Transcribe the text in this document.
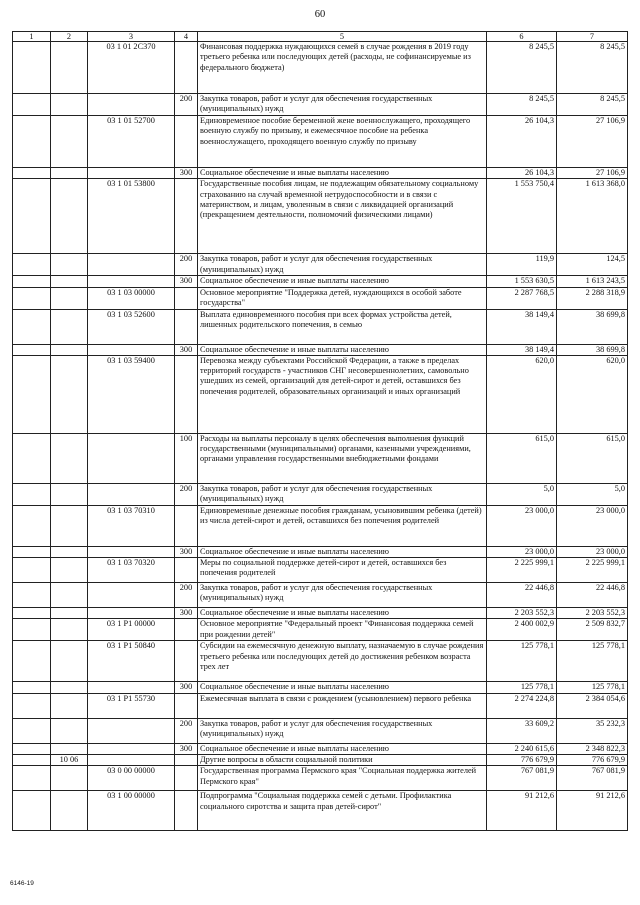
60
1	2	3	4	5	6	7
		03 1 01 2С370		Финансовая поддержка нуждающихся семей в случае рождения в 2019 году третьего ребенка или последующих детей (расходы, не софинансируемые из федерального бюджета)	8 245,5	8 245,5
			200	Закупка товаров, работ и услуг для обеспечения государственных (муниципальных) нужд	8 245,5	8 245,5
		03 1 01 52700		Единовременное пособие беременной жене военнослужащего, проходящего военную службу по призыву, и ежемесячное пособие на ребенка военнослужащего, проходящего военную службу по призыву	26 104,3	27 106,9
			300	Социальное обеспечение и иные выплаты населению	26 104,3	27 106,9
		03 1 01 53800		Государственные пособия лицам, не подлежащим обязательному социальному страхованию на случай временной нетрудоспособности и в связи с материнством, и лицам, уволенным в связи с ликвидацией организаций (прекращением деятельности, полномочий физическими лицами)	1 553 750,4	1 613 368,0
			200	Закупка товаров, работ и услуг для обеспечения государственных (муниципальных) нужд	119,9	124,5
			300	Социальное обеспечение и иные выплаты населению	1 553 630,5	1 613 243,5
		03 1 03 00000		Основное мероприятие "Поддержка детей, нуждающихся в особой заботе государства"	2 287 768,5	2 288 318,9
		03 1 03 52600		Выплата единовременного пособия при всех формах устройства детей, лишенных родительского попечения, в семью	38 149,4	38 699,8
			300	Социальное обеспечение и иные выплаты населению	38 149,4	38 699,8
		03 1 03 59400		Перевозка между субъектами Российской Федерации, а также в пределах территорий государств - участников СНГ несовершеннолетних, самовольно ушедших из семей, организаций для детей-сирот и детей, оставшихся без попечения родителей, образовательных организаций и иных организаций	620,0	620,0
			100	Расходы на выплаты персоналу в целях обеспечения выполнения функций государственными (муниципальными) органами, казенными учреждениями, органами управления государственными внебюджетными фондами	615,0	615,0
			200	Закупка товаров, работ и услуг для обеспечения государственных (муниципальных) нужд	5,0	5,0
		03 1 03 70310		Единовременные денежные пособия гражданам, усыновившим ребенка (детей) из числа детей-сирот и детей, оставшихся без попечения родителей	23 000,0	23 000,0
			300	Социальное обеспечение и иные выплаты населению	23 000,0	23 000,0
		03 1 03 70320		Меры по социальной поддержке детей-сирот и детей, оставшихся без попечения родителей	2 225 999,1	2 225 999,1
			200	Закупка товаров, работ и услуг для обеспечения государственных (муниципальных) нужд	22 446,8	22 446,8
			300	Социальное обеспечение и иные выплаты населению	2 203 552,3	2 203 552,3
		03 1 P1 00000		Основное мероприятие "Федеральный проект "Финансовая поддержка семей при рождении детей"	2 400 002,9	2 509 832,7
		03 1 P1 50840		Субсидии на ежемесячную денежную выплату, назначаемую в случае рождения третьего ребенка или последующих детей до достижения ребенком возраста трех лет	125 778,1	125 778,1
			300	Социальное обеспечение и иные выплаты населению	125 778,1	125 778,1
		03 1 P1 55730		Ежемесячная выплата в связи с рождением (усыновлением) первого ребенка	2 274 224,8	2 384 054,6
			200	Закупка товаров, работ и услуг для обеспечения государственных (муниципальных) нужд	33 609,2	35 232,3
			300	Социальное обеспечение и иные выплаты населению	2 240 615,6	2 348 822,3
	10 06			Другие вопросы в области социальной политики	776 679,9	776 679,9
		03 0 00 00000		Государственная программа Пермского края "Социальная поддержка жителей Пермского края"	767 081,9	767 081,9
		03 1 00 00000		Подпрограмма "Социальная поддержка семей с детьми. Профилактика социального сиротства и защита прав детей-сирот"	91 212,6	91 212,6
6146-19
